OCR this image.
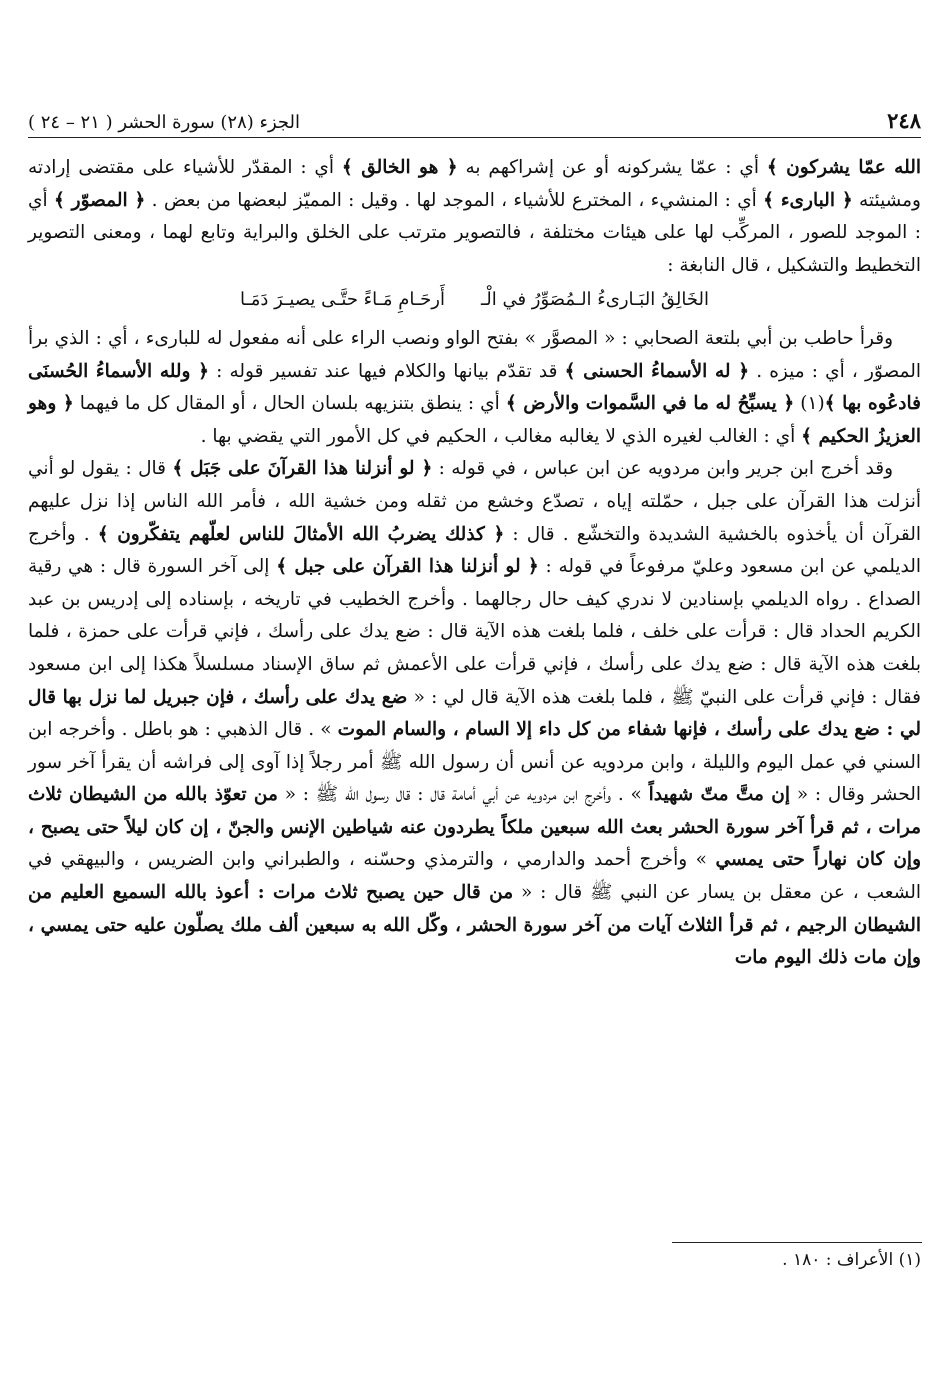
٢٤٨
الجزء (٢٨) سورة الحشر ( ٢١ – ٢٤ )

الله عمّا يشركون ﴾ أي : عمّا يشركونه أو عن إشراكهم به ﴿ هو الخالق ﴾ أي : المقدّر للأشياء على مقتضى إرادته ومشيئته ﴿ البارىء ﴾ أي : المنشيء ، المخترع للأشياء ، الموجد لها . وقيل : المميّز لبعضها من بعض . ﴿ المصوّر ﴾ أي : الموجد للصور ، المركِّب لها على هيئات مختلفة ، فالتصوير مترتب على الخلق والبراية وتابع لهما ، ومعنى التصوير التخطيط والتشكيل ، قال النابغة :

الخَالِقُ البَـارىءُ الـمُصَوِّرُ في الْـ
أَرحَـامِ مَـاءً حتَّـى يصيـرَ دَمَـا

وقرأ حاطب بن أبي بلتعة الصحابي : « المصوَّر » بفتح الواو ونصب الراء على أنه مفعول له للبارىء ، أي : الذي برأ المصوّر ، أي : ميزه . ﴿ له الأسماءُ الحسنى ﴾ قد تقدّم بيانها والكلام فيها عند تفسير قوله : ﴿ ولله الأسماءُ الحُسنَى فادعُوه بها ﴾(١) ﴿ يسبِّحُ له ما في السَّموات والأرض ﴾ أي : ينطق بتنزيهه بلسان الحال ، أو المقال كل ما فيهما ﴿ وهو العزيزُ الحكيم ﴾ أي : الغالب لغيره الذي لا يغالبه مغالب ، الحكيم في كل الأمور التي يقضي بها .

وقد أخرج ابن جرير وابن مردويه عن ابن عباس ، في قوله : ﴿ لو أنزلنا هذا القرآنَ على جَبَل ﴾ قال : يقول لو أني أنزلت هذا القرآن على جبل ، حمّلته إياه ، تصدّع وخشع من ثقله ومن خشية الله ، فأمر الله الناس إذا نزل عليهم القرآن أن يأخذوه بالخشية الشديدة والتخشّع . قال : ﴿ كذلك يضربُ الله الأمثالَ للناس لعلّهم يتفكّرون ﴾ . وأخرج الديلمي عن ابن مسعود وعليّ مرفوعاً في قوله : ﴿ لو أنزلنا هذا القرآن على جبل ﴾ إلى آخر السورة قال : هي رقية الصداع . رواه الديلمي بإسنادين لا ندري كيف حال رجالهما . وأخرج الخطيب في تاريخه ، بإسناده إلى إدريس بن عبد الكريم الحداد قال : قرأت على خلف ، فلما بلغت هذه الآية قال : ضع يدك على رأسك ، فإني قرأت على حمزة ، فلما بلغت هذه الآية قال : ضع يدك على رأسك ، فإني قرأت على الأعمش ثم ساق الإسناد مسلسلاً هكذا إلى ابن مسعود فقال : فإني قرأت على النبيّ ﷺ ، فلما بلغت هذه الآية قال لي : « ضع يدك على رأسك ، فإن جبريل لما نزل بها قال لي : ضع يدك على رأسك ، فإنها شفاء من كل داء إلا السام ، والسام الموت » . قال الذهبي : هو باطل . وأخرجه ابن السني في عمل اليوم والليلة ، وابن مردويه عن أنس أن رسول الله ﷺ أمر رجلاً إذا آوى إلى فراشه أن يقرأ آخر سور الحشر وقال : « إن متَّ متّ شهيداً » . وأخرج ابن مردويه عن أبي أمامة قال : قال رسول الله ﷺ : « من تعوّذ بالله من الشيطان ثلاث مرات ، ثم قرأ آخر سورة الحشر بعث الله سبعين ملكاً يطردون عنه شياطين الإنس والجنّ ، إن كان ليلاً حتى يصبح ، وإن كان نهاراً حتى يمسي » وأخرج أحمد والدارمي ، والترمذي وحسّنه ، والطبراني وابن الضريس ، والبيهقي في الشعب ، عن معقل بن يسار عن النبي ﷺ قال : « من قال حين يصبح ثلاث مرات : أعوذ بالله السميع العليم من الشيطان الرجيم ، ثم قرأ الثلاث آيات من آخر سورة الحشر ، وكّل الله به سبعين ألف ملك يصلّون عليه حتى يمسي ، وإن مات ذلك اليوم مات

(١) الأعراف : ١٨٠ .
